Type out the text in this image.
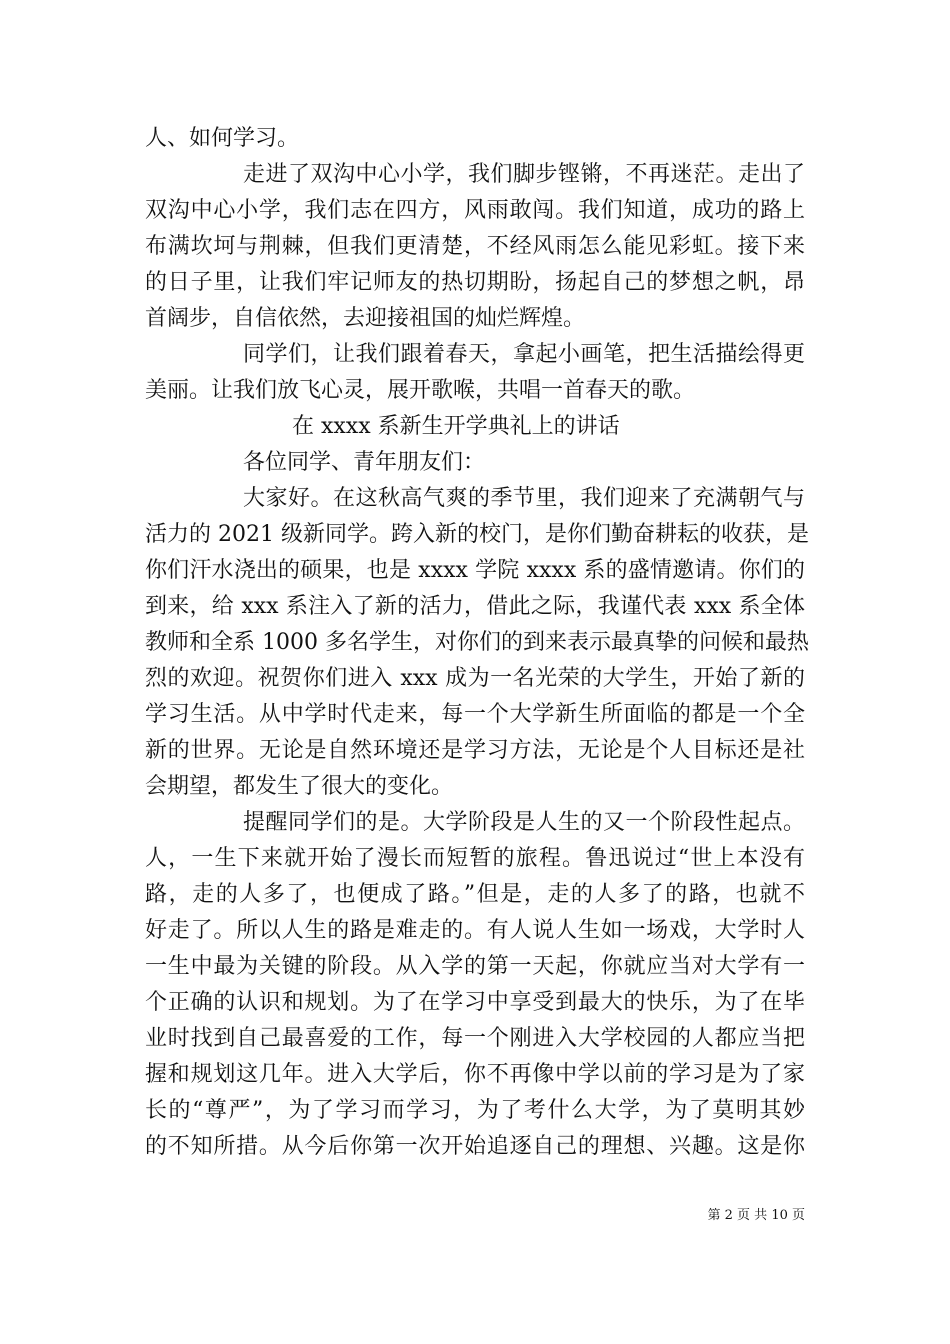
人、如何学习。
走进了双沟中心小学，我们脚步铿锵，不再迷茫。走出了
双沟中心小学，我们志在四方，风雨敢闯。我们知道，成功的路上
布满坎坷与荆棘，但我们更清楚，不经风雨怎么能见彩虹。接下来
的日子里，让我们牢记师友的热切期盼，扬起自己的梦想之帆，昂
首阔步，自信依然，去迎接祖国的灿烂辉煌。
同学们，让我们跟着春天，拿起小画笔，把生活描绘得更
美丽。让我们放飞心灵，展开歌喉，共唱一首春天的歌。
在 xxxx 系新生开学典礼上的讲话
各位同学、青年朋友们：
大家好。在这秋高气爽的季节里，我们迎来了充满朝气与
活力的 2021 级新同学。跨入新的校门，是你们勤奋耕耘的收获，是
你们汗水浇出的硕果，也是 xxxx 学院 xxxx 系的盛情邀请。你们的
到来，给 xxx 系注入了新的活力，借此之际，我谨代表 xxx 系全体
教师和全系 1000 多名学生，对你们的到来表示最真挚的问候和最热
烈的欢迎。祝贺你们进入 xxx 成为一名光荣的大学生，开始了新的
学习生活。从中学时代走来，每一个大学新生所面临的都是一个全
新的世界。无论是自然环境还是学习方法，无论是个人目标还是社
会期望，都发生了很大的变化。
提醒同学们的是。大学阶段是人生的又一个阶段性起点。
人，一生下来就开始了漫长而短暂的旅程。鲁迅说过“世上本没有
路，走的人多了，也便成了路。”但是，走的人多了的路，也就不
好走了。所以人生的路是难走的。有人说人生如一场戏，大学时人
一生中最为关键的阶段。从入学的第一天起，你就应当对大学有一
个正确的认识和规划。为了在学习中享受到最大的快乐，为了在毕
业时找到自己最喜爱的工作，每一个刚进入大学校园的人都应当把
握和规划这几年。进入大学后，你不再像中学以前的学习是为了家
长的“尊严”，为了学习而学习，为了考什么大学，为了莫明其妙
的不知所措。从今后你第一次开始追逐自己的理想、兴趣。这是你
第 2 页 共 10 页
